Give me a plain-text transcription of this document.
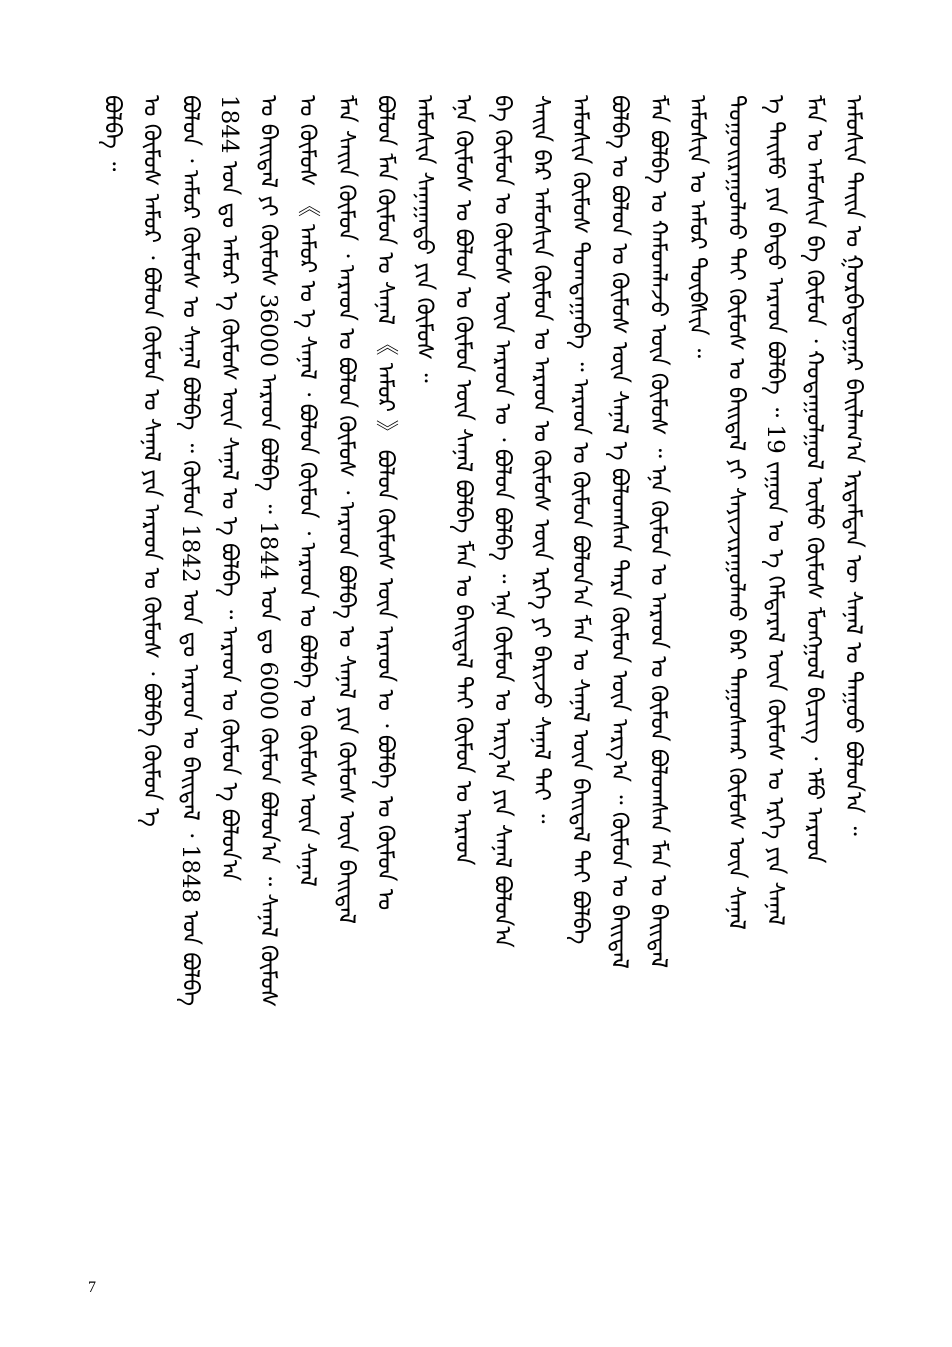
ᠠᠮᠤᠰᠢᠨ ᠳᠠᠢᠨ ᠤ ᠭᠤᠷᠪᠠᠳᠤᠭᠠᠷ ᠪᠠᠢᠯᠠᠭ᠎ᠠ ᠡᠷᠳᠡᠮᠲᠡᠨ ᠦ ᠰᠠᠨᠠᠯ ᠤ ᠳᠠᠭᠤᠤ ᠪᠣᠯᠤᠨ᠎ᠠ ᠃
ᠮᠠᠨ ᠤ ᠠᠮᠤᠰᠢᠨ ᠪᠡ ᠬᠦᠮᠦᠨ ᠂ ᠬᠣᠲᠠᠭᠤᠯᠭᠤᠯ ᠦᠯᠦ ᠬᠦᠮᠦᠰ ᠮᠣᠩᠭᠣᠯ ᠪᠢᠴᠢᠭ ᠂ ᠡᠮᠦ ᠠᠷᠠᠳ
ᠡ ᠲᠡᠢᠮᠦ ᠶᠢᠨ ᠪᠠᠳᠤ ᠠᠷᠠᠳ ᠪᠣᠯᠪᠠ ᠃ 19 ᠵᠠᠭᠤᠨ ᠤ ᠡ ᠬᠡᠮᠳᠡᠷᠡᠯ ᠦᠨ ᠬᠦᠮᠦᠰ ᠤ ᠡᠷᠬᠡ ᠶᠢᠨ ᠰᠠᠨᠠᠯ
ᠳᠤᠭᠤᠢᠷᠠᠭᠤᠯᠬᠤ ᠲᠠᠢ ᠬᠦᠮᠦᠰ ᠤ ᠪᠠᠢᠳᠠᠯ ᠶᠢ ᠰᠠᠶᠢᠵᠢᠷᠠᠭᠤᠯᠬᠤ ᠪᠡᠷ ᠳᠠᠭᠤᠰᠬᠠᠷ ᠬᠦᠮᠦᠰ ᠦᠨ ᠰᠠᠨᠠᠯ
ᠠᠮᠤᠰᠢᠨ ᠤ ᠠᠮᠤᠷ ᠲᠦᠪᠰᠢᠨ ᠃
ᠮᠠᠨ ᠪᠣᠯᠪᠠ ᠤ ᠬᠠᠮᠤᠭᠯᠠᠵᠤ ᠦᠨ ᠬᠦᠮᠦᠰ ᠃ ᠡᠨᠡ ᠬᠦᠮᠦᠨ ᠤ ᠠᠷᠠᠳ ᠤ ᠬᠦᠮᠦᠨ ᠪᠣᠯᠤᠭᠰᠠᠨ ᠮᠠᠨ ᠤ ᠪᠠᠢᠳᠠᠯ
ᠪᠣᠯᠪᠠ ᠤ ᠪᠣᠯᠤᠨ ᠤ ᠬᠦᠮᠦᠰ ᠦᠨ ᠰᠠᠨᠠᠯ ᠡ ᠪᠣᠯᠤᠭᠰᠠᠨ ᠲᠡᠷᠡ ᠬᠦᠮᠦᠨ ᠦᠨ ᠠᠷᠭ᠎ᠠ ᠃ ᠬᠦᠮᠦᠨ ᠤ ᠪᠠᠢᠳᠠᠯ
ᠠᠮᠤᠰᠢᠨ ᠬᠦᠮᠦᠰ ᠲᠣᠭᠲᠠᠭᠠᠪᠠ ᠃ ᠠᠷᠠᠳ ᠤ ᠬᠦᠮᠦᠨ ᠪᠣᠯᠤᠨ᠎ᠠ ᠮᠠᠨ ᠤ ᠰᠠᠨᠠᠯ ᠦᠨ ᠪᠠᠢᠳᠠᠯ ᠲᠠᠢ ᠪᠣᠯᠪᠠ
ᠰᠠᠢᠨ ᠪᠡᠷ ᠠᠮᠤᠰᠢᠨ ᠬᠦᠮᠦᠨ ᠤ ᠠᠷᠠᠳ ᠤ ᠬᠦᠮᠦᠰ ᠦᠨ ᠡᠷᠬᠡ ᠶᠢ ᠪᠠᠷᠢᠵᠤ ᠰᠠᠨᠠᠯ ᠲᠠᠢ ᠃
ᠪᠠ ᠬᠦᠮᠦᠨ ᠤ ᠬᠦᠮᠦᠰ ᠦᠨ ᠠᠷᠠᠳ ᠤ ᠂ ᠪᠣᠯᠤᠨ ᠪᠣᠯᠪᠠ ᠃ ᠡᠨᠡ ᠬᠦᠮᠦᠨ ᠤ ᠠᠷᠭ᠎ᠠ ᠶᠢᠨ ᠰᠠᠨᠠᠯ ᠪᠣᠯᠤᠨ᠎ᠠ
ᠡᠨᠡ ᠬᠦᠮᠦᠰ ᠤ ᠪᠣᠯᠤᠨ ᠤ ᠬᠦᠮᠦᠨ ᠦᠨ ᠰᠠᠨᠠᠯ ᠪᠣᠯᠪᠠ ᠮᠠᠨ ᠤ ᠪᠠᠢᠳᠠᠯ ᠲᠠᠢ ᠬᠦᠮᠦᠨ ᠤ ᠠᠷᠠᠳ
ᠠᠮᠤᠰᠢᠨ ᠰᠠᠨᠠᠭᠠᠲᠤ ᠶᠢᠨ ᠬᠦᠮᠦᠰ ᠃
ᠪᠣᠯᠤᠨ ᠮᠠᠨ ᠬᠦᠮᠦᠨ ᠤ ᠰᠠᠨᠠᠯ 《 ᠠᠮᠤᠷ 》 ᠪᠣᠯᠤᠨ ᠬᠦᠮᠦᠰ ᠦᠨ ᠠᠷᠠᠳ ᠤ ᠂ ᠪᠣᠯᠪᠠ ᠤ ᠬᠦᠮᠦᠨ ᠤ
ᠮᠠᠨ ᠰᠠᠢᠨ ᠬᠦᠮᠦᠨ ᠂ ᠠᠷᠠᠳ ᠤ ᠪᠣᠯᠤᠨ ᠬᠦᠮᠦᠰ ᠂ ᠠᠷᠠᠳ ᠪᠣᠯᠪᠠ ᠤ ᠰᠠᠨᠠᠯ ᠶᠢᠨ ᠬᠦᠮᠦᠰ ᠦᠨ ᠪᠠᠢᠳᠠᠯ
ᠤ ᠬᠦᠮᠦᠰ 《 ᠠᠮᠤᠷ ᠤ ᠡ ᠰᠠᠨᠠᠯ ᠂ ᠪᠣᠯᠤᠨ ᠬᠦᠮᠦᠨ ᠂ ᠠᠷᠠᠳ ᠤ ᠪᠣᠯᠪᠠ ᠤ ᠬᠦᠮᠦᠰ ᠦᠨ ᠰᠠᠨᠠᠯ
ᠤ ᠪᠠᠢᠳᠠᠯ ᠶᠢ ᠬᠦᠮᠦᠰ 36000 ᠠᠷᠠᠳ ᠪᠣᠯᠪᠠ ᠃ 1844 ᠤᠨ ᠳᠤ 6000 ᠬᠦᠮᠦᠨ ᠪᠣᠯᠤᠨ᠎ᠠ ᠃ ᠰᠠᠨᠠᠯ ᠬᠦᠮᠦᠰ
1844 ᠤᠨ ᠳᠤ ᠠᠮᠤᠷ ᠡ ᠬᠦᠮᠦᠰ ᠦᠨ ᠰᠠᠨᠠᠯ ᠤ ᠡ ᠪᠣᠯᠪᠠ ᠃ ᠠᠷᠠᠳ ᠤ ᠬᠦᠮᠦᠨ ᠡ ᠪᠣᠯᠤᠨ᠎ᠠ
ᠪᠣᠯᠤᠨ ᠂ ᠠᠮᠤᠷ ᠬᠦᠮᠦᠰ ᠤ ᠰᠠᠨᠠᠯ ᠪᠣᠯᠪᠠ ᠃ ᠬᠦᠮᠦᠨ 1842 ᠤᠨ ᠳᠤ ᠠᠷᠠᠳ ᠤ ᠪᠠᠢᠳᠠᠯ ᠂ 1848 ᠤᠨ ᠪᠣᠯᠪᠠ
ᠤ ᠬᠦᠮᠦᠰ ᠠᠮᠤᠷ ᠂ ᠪᠣᠯᠤᠨ ᠬᠦᠮᠦᠨ ᠤ ᠰᠠᠨᠠᠯ ᠶᠢᠨ ᠠᠷᠠᠳ ᠤ ᠬᠦᠮᠦᠰ ᠂ ᠪᠣᠯᠪᠠ ᠬᠦᠮᠦᠨ ᠡ
ᠪᠣᠯᠪᠠ ᠃
7
